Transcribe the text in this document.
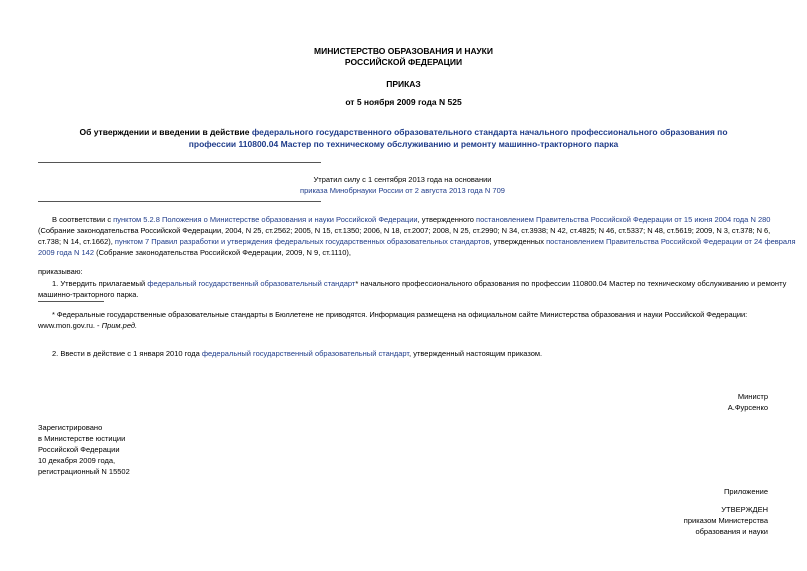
МИНИСТЕРСТВО ОБРАЗОВАНИЯ И НАУКИ
РОССИЙСКОЙ ФЕДЕРАЦИИ
ПРИКАЗ
от 5 ноября 2009 года N 525
Об утверждении и введении в действие федерального государственного образовательного стандарта начального профессионального образования по
профессии 110800.04 Мастер по техническому обслуживанию и ремонту машинно-тракторного парка
Утратил силу с 1 сентября 2013 года на основании
приказа Минобрнауки России от 2 августа 2013 года N 709
В соответствии с пунктом 5.2.8 Положения о Министерстве образования и науки Российской Федерации, утвержденного постановлением Правительства Российской Федерации от 15 июня 2004 года N 280
(Собрание законодательства Российской Федерации, 2004, N 25, ст.2562; 2005, N 15, ст.1350; 2006, N 18, ст.2007; 2008, N 25, ст.2990; N 34, ст.3938; N 42, ст.4825; N 46, ст.5337; N 48, ст.5619; 2009, N 3, ст.378; N 6,
ст.738; N 14, ст.1662), пунктом 7 Правил разработки и утверждения федеральных государственных образовательных стандартов, утвержденных постановлением Правительства Российской Федерации от 24 февраля
2009 года N 142 (Собрание законодательства Российской Федерации, 2009, N 9, ст.1110),
приказываю:
1. Утвердить прилагаемый федеральный государственный образовательный стандарт* начального профессионального образования по профессии 110800.04 Мастер по техническому обслуживанию и ремонту
машинно-тракторного парка.
* Федеральные государственные образовательные стандарты в Бюллетене не приводятся. Информация размещена на официальном сайте Министерства образования и науки Российской Федерации:
www.mon.gov.ru. - Прим.ред.
2. Ввести в действие с 1 января 2010 года федеральный государственный образовательный стандарт, утвержденный настоящим приказом.
Министр
А.Фурсенко
Зарегистрировано
в Министерстве юстиции
Российской Федерации
10 декабря 2009 года,
регистрационный N 15502
Приложение
УТВЕРЖДЕН
приказом Министерства
образования и науки
